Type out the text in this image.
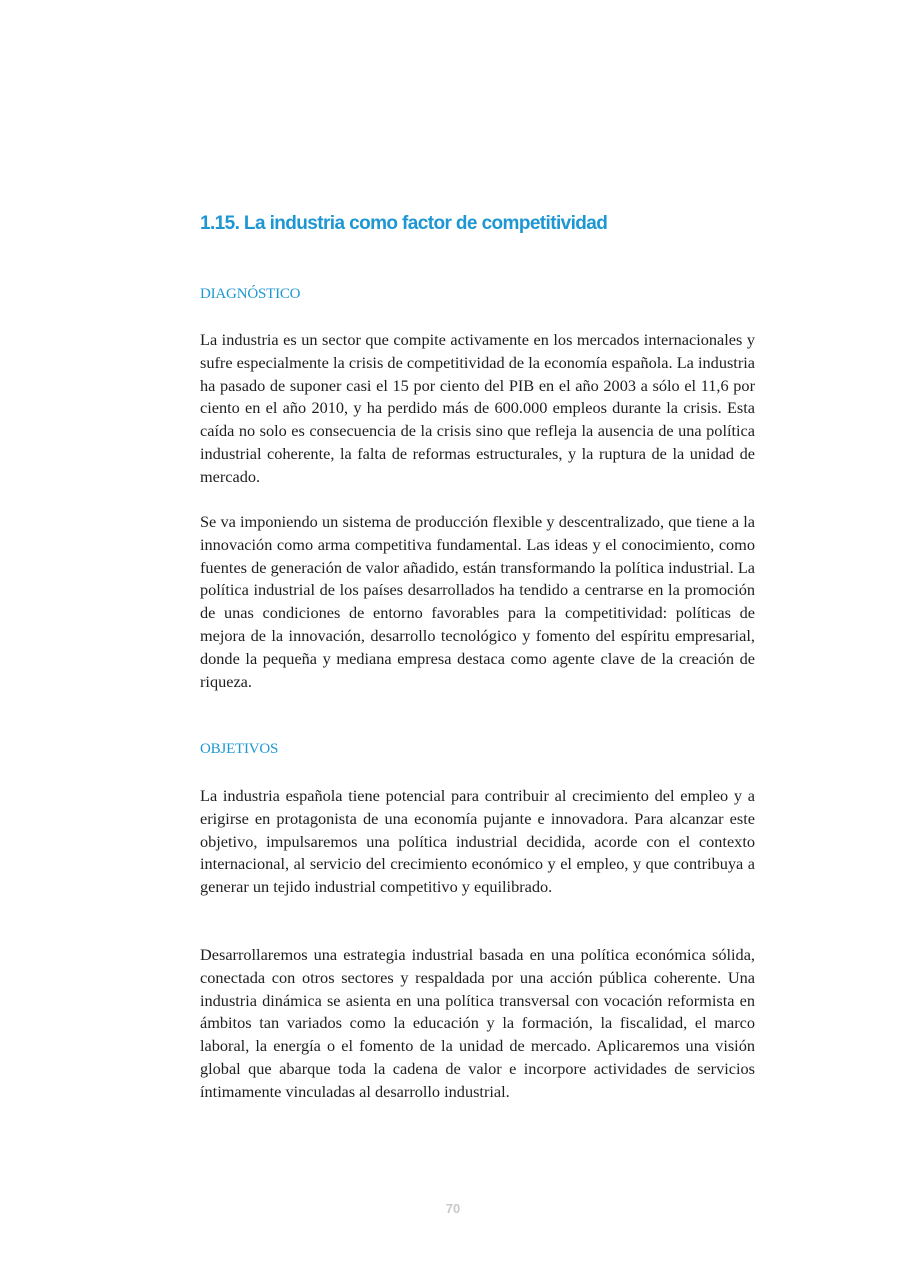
1.15. La industria como factor de competitividad
DIAGNÓSTICO

La industria es un sector que compite activamente en los mercados internacionales y sufre especialmente la crisis de competitividad de la economía española. La industria ha pasado de suponer casi el 15 por ciento del PIB en el año 2003 a sólo el 11,6 por ciento en el año 2010, y ha perdido más de 600.000 empleos durante la crisis. Esta caída no solo es consecuencia de la crisis sino que refleja la ausencia de una política industrial coherente, la falta de reformas estructurales, y la ruptura de la unidad de mercado.

Se va imponiendo un sistema de producción flexible y descentralizado, que tiene a la innovación como arma competitiva fundamental. Las ideas y el conocimiento, como fuentes de generación de valor añadido, están transformando la política industrial. La política industrial de los países desarrollados ha tendido a centrarse en la promoción de unas condiciones de entorno favorables para la competitividad: políticas de mejora de la innovación, desarrollo tecnológico y fomento del espíritu empresarial, donde la pequeña y mediana empresa destaca como agente clave de la creación de riqueza.

OBJETIVOS

La industria española tiene potencial para contribuir al crecimiento del empleo y a erigirse en protagonista de una economía pujante e innovadora. Para alcanzar este objetivo, impulsaremos una política industrial decidida, acorde con el contexto internacional, al servicio del crecimiento económico y el empleo, y que contribuya a generar un tejido industrial competitivo y equilibrado.

Desarrollaremos una estrategia industrial basada en una política económica sólida, conectada con otros sectores y respaldada por una acción pública coherente. Una industria dinámica se asienta en una política transversal con vocación reformista en ámbitos tan variados como la educación y la formación, la fiscalidad, el marco laboral, la energía o el fomento de la unidad de mercado. Aplicaremos una visión global que abarque toda la cadena de valor e incorpore actividades de servicios íntimamente vinculadas al desarrollo industrial.

70
